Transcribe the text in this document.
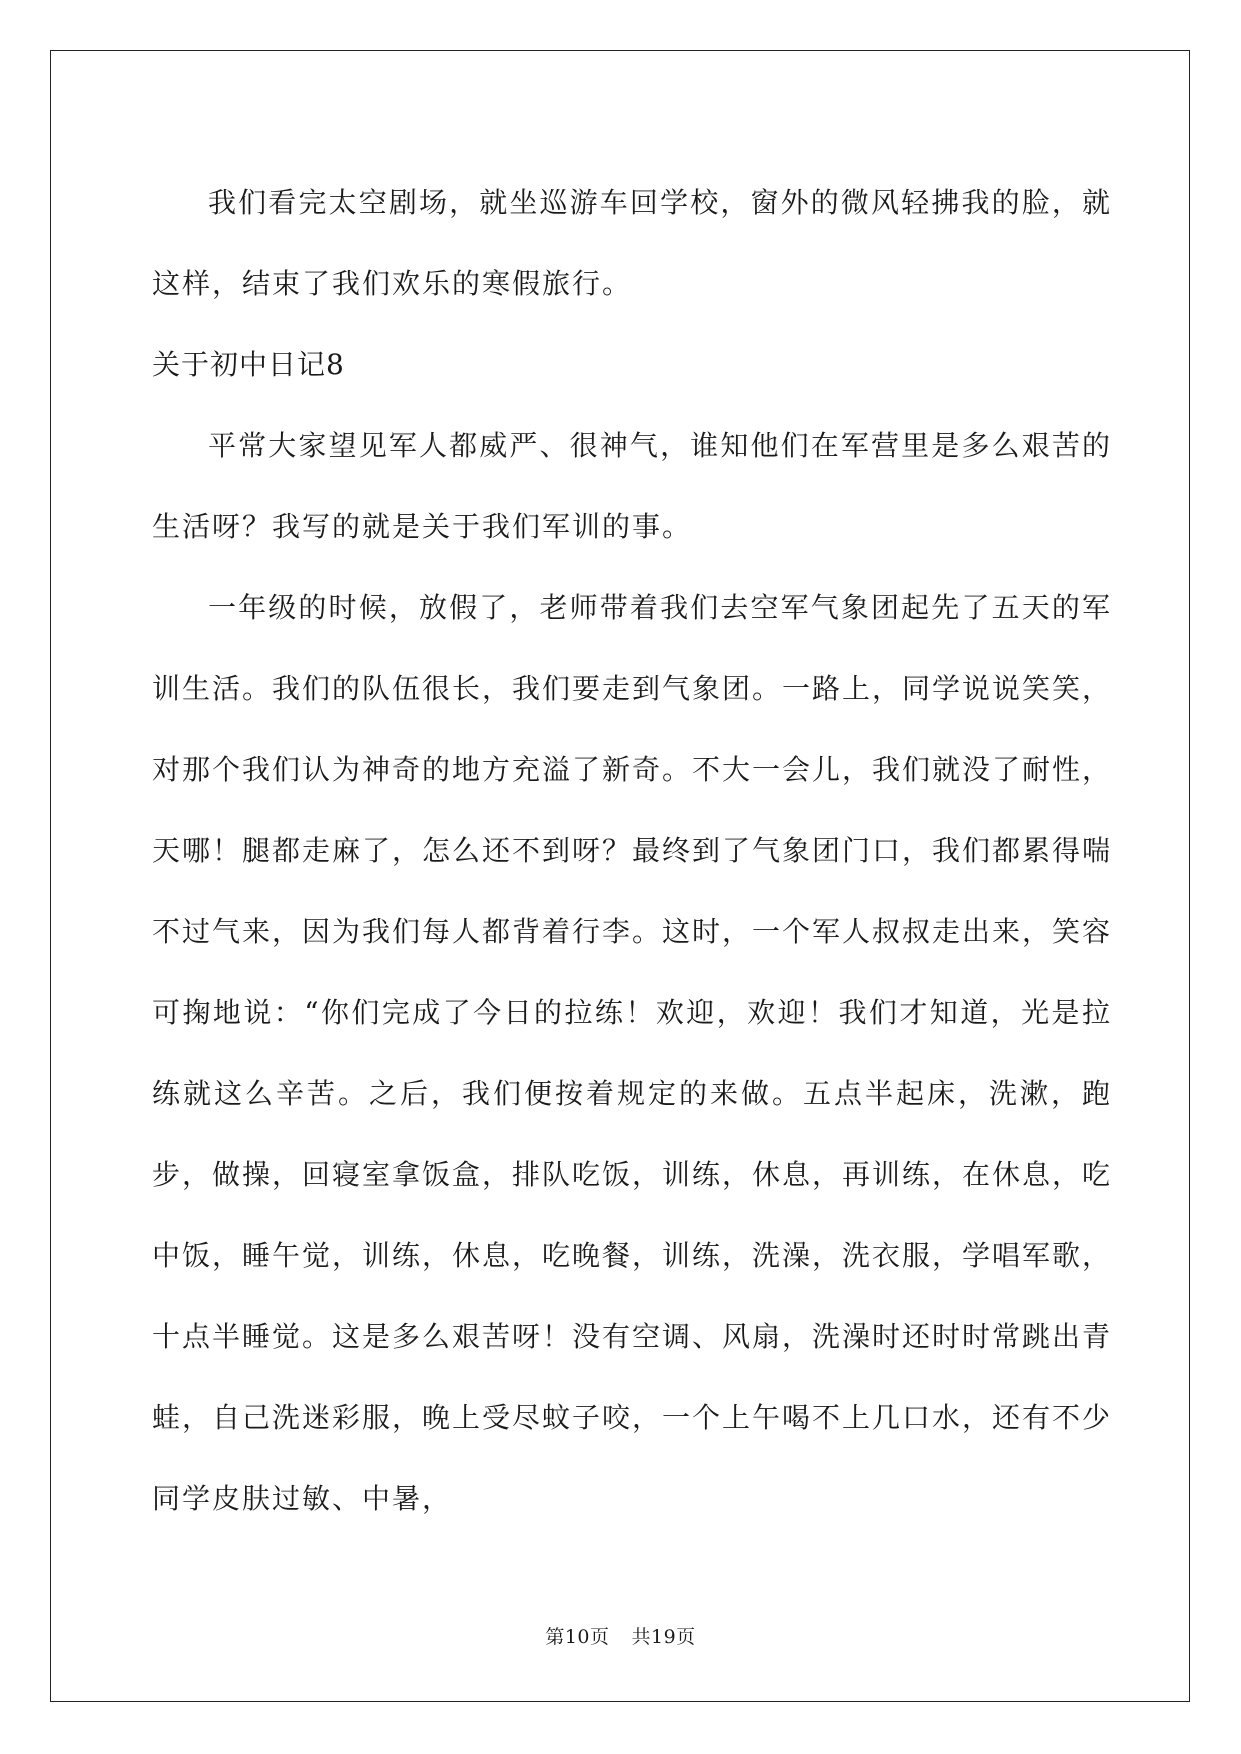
我们看完太空剧场，就坐巡游车回学校，窗外的微风轻拂我的脸，就这样，结束了我们欢乐的寒假旅行。

关于初中日记8

平常大家望见军人都威严、很神气，谁知他们在军营里是多么艰苦的生活呀？我写的就是关于我们军训的事。

一年级的时候，放假了，老师带着我们去空军气象团起先了五天的军训生活。我们的队伍很长，我们要走到气象团。一路上，同学说说笑笑，对那个我们认为神奇的地方充溢了新奇。不大一会儿，我们就没了耐性，天哪！腿都走麻了，怎么还不到呀？最终到了气象团门口，我们都累得喘不过气来，因为我们每人都背着行李。这时，一个军人叔叔走出来，笑容可掬地说：“你们完成了今日的拉练！欢迎，欢迎！我们才知道，光是拉练就这么辛苦。之后，我们便按着规定的来做。五点半起床，洗漱，跑步，做操，回寝室拿饭盒，排队吃饭，训练，休息，再训练，在休息，吃中饭，睡午觉，训练，休息，吃晚餐，训练，洗澡，洗衣服，学唱军歌，十点半睡觉。这是多么艰苦呀！没有空调、风扇，洗澡时还时时常跳出青蛙，自己洗迷彩服，晚上受尽蚊子咬，一个上午喝不上几口水，还有不少同学皮肤过敏、中暑，

第10页 共19页
